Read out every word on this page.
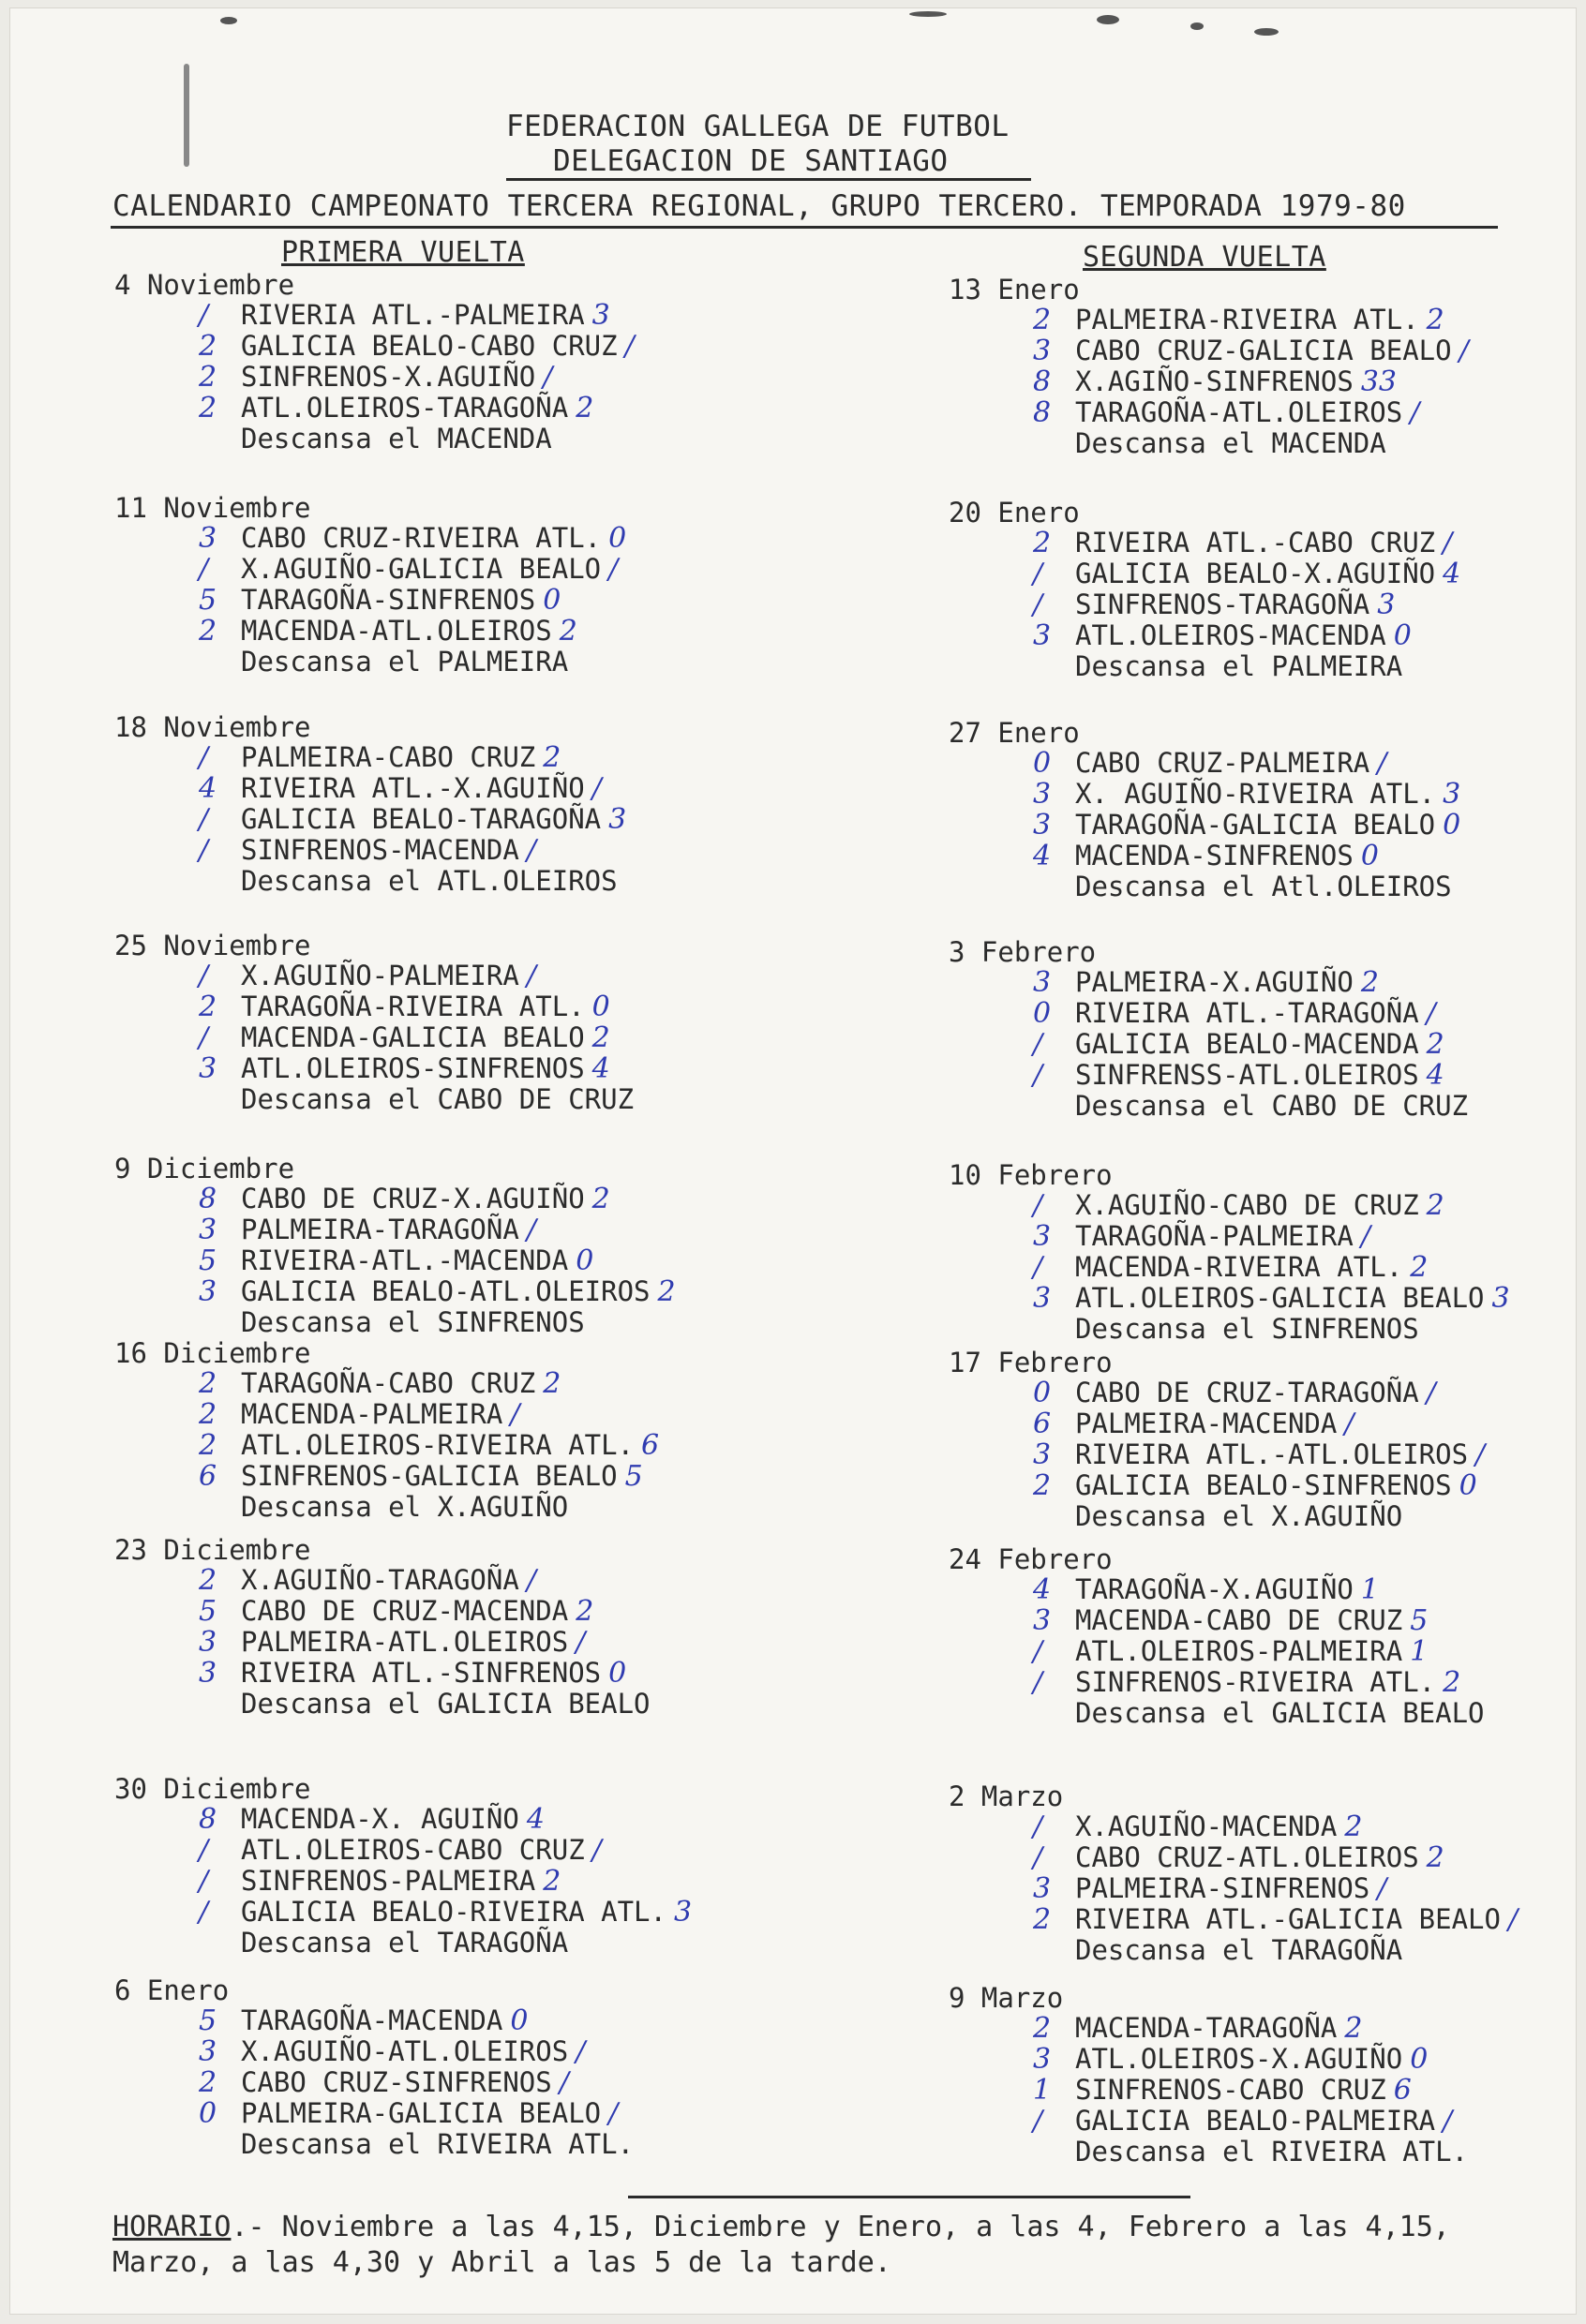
FEDERACION GALLEGA DE FUTBOL
DELEGACION DE SANTIAGO
CALENDARIO CAMPEONATO TERCERA REGIONAL, GRUPO TERCERO. TEMPORADA 1979-80
PRIMERA VUELTA	SEGUNDA VUELTA
4 Noviembre
/ RIVERIA ATL.-PALMEIRA 3
2 GALICIA BEALO-CABO CRUZ /
2 SINFRENOS-X.AGUIÑO /
2 ATL.OLEIROS-TARAGOÑA 2
Descansa el MACENDA
11 Noviembre
3 CABO CRUZ-RIVEIRA ATL. 0
/ X.AGUIÑO-GALICIA BEALO /
5 TARAGOÑA-SINFRENOS 0
2 MACENDA-ATL.OLEIROS 2
Descansa el PALMEIRA
18 Noviembre
/ PALMEIRA-CABO CRUZ 2
4 RIVEIRA ATL.-X.AGUIÑO /
/ GALICIA BEALO-TARAGOÑA 3
/ SINFRENOS-MACENDA /
Descansa el ATL.OLEIROS
25 Noviembre
/ X.AGUIÑO-PALMEIRA /
2 TARAGOÑA-RIVEIRA ATL. 0
/ MACENDA-GALICIA BEALO 2
3 ATL.OLEIROS-SINFRENOS 4
Descansa el CABO DE CRUZ
9 Diciembre
8 CABO DE CRUZ-X.AGUIÑO 2
3 PALMEIRA-TARAGOÑA /
5 RIVEIRA-ATL.-MACENDA 0
3 GALICIA BEALO-ATL.OLEIROS 2
Descansa el SINFRENOS
16 Diciembre
2 TARAGOÑA-CABO CRUZ 2
2 MACENDA-PALMEIRA /
2 ATL.OLEIROS-RIVEIRA ATL. 6
6 SINFRENOS-GALICIA BEALO 5
Descansa el X.AGUIÑO
23 Diciembre
2 X.AGUIÑO-TARAGOÑA /
5 CABO DE CRUZ-MACENDA 2
3 PALMEIRA-ATL.OLEIROS /
3 RIVEIRA ATL.-SINFRENOS 0
Descansa el GALICIA BEALO
30 Diciembre
8 MACENDA-X. AGUIÑO 4
/ ATL.OLEIROS-CABO CRUZ /
/ SINFRENOS-PALMEIRA 2
/ GALICIA BEALO-RIVEIRA ATL. 3
Descansa el TARAGOÑA
6 Enero
5 TARAGOÑA-MACENDA 0
3 X.AGUIÑO-ATL.OLEIROS /
2 CABO CRUZ-SINFRENOS /
0 PALMEIRA-GALICIA BEALO /
Descansa el RIVEIRA ATL.
13 Enero
2 PALMEIRA-RIVEIRA ATL. 2
3 CABO CRUZ-GALICIA BEALO /
8 X.AGIÑO-SINFRENOS 33
8 TARAGOÑA-ATL.OLEIROS /
Descansa el MACENDA
20 Enero
2 RIVEIRA ATL.-CABO CRUZ /
/ GALICIA BEALO-X.AGUIÑO 4
/ SINFRENOS-TARAGOÑA 3
3 ATL.OLEIROS-MACENDA 0
Descansa el PALMEIRA
27 Enero
0 CABO CRUZ-PALMEIRA /
3 X. AGUIÑO-RIVEIRA ATL. 3
3 TARAGOÑA-GALICIA BEALO 0
4 MACENDA-SINFRENOS 0
Descansa el Atl.OLEIROS
3 Febrero
3 PALMEIRA-X.AGUIÑO 2
0 RIVEIRA ATL.-TARAGOÑA /
/ GALICIA BEALO-MACENDA 2
/ SINFRENSS-ATL.OLEIROS 4
Descansa el CABO DE CRUZ
10 Febrero
/ X.AGUIÑO-CABO DE CRUZ 2
3 TARAGOÑA-PALMEIRA /
/ MACENDA-RIVEIRA ATL. 2
3 ATL.OLEIROS-GALICIA BEALO 3
Descansa el SINFRENOS
17 Febrero
0 CABO DE CRUZ-TARAGOÑA /
6 PALMEIRA-MACENDA /
3 RIVEIRA ATL.-ATL.OLEIROS /
2 GALICIA BEALO-SINFRENOS 0
Descansa el X.AGUIÑO
24 Febrero
4 TARAGOÑA-X.AGUIÑO 1
3 MACENDA-CABO DE CRUZ 5
/ ATL.OLEIROS-PALMEIRA 1
/ SINFRENOS-RIVEIRA ATL. 2
Descansa el GALICIA BEALO
2 Marzo
/ X.AGUIÑO-MACENDA 2
/ CABO CRUZ-ATL.OLEIROS 2
3 PALMEIRA-SINFRENOS /
2 RIVEIRA ATL.-GALICIA BEALO /
Descansa el TARAGOÑA
9 Marzo
2 MACENDA-TARAGOÑA 2
3 ATL.OLEIROS-X.AGUIÑO 0
1 SINFRENOS-CABO CRUZ 6
/ GALICIA BEALO-PALMEIRA /
Descansa el RIVEIRA ATL.
HORARIO.- Noviembre a las 4,15, Diciembre y Enero, a las 4, Febrero a las 4,15, Marzo, a las 4,30 y Abril a las 5 de la tarde.
